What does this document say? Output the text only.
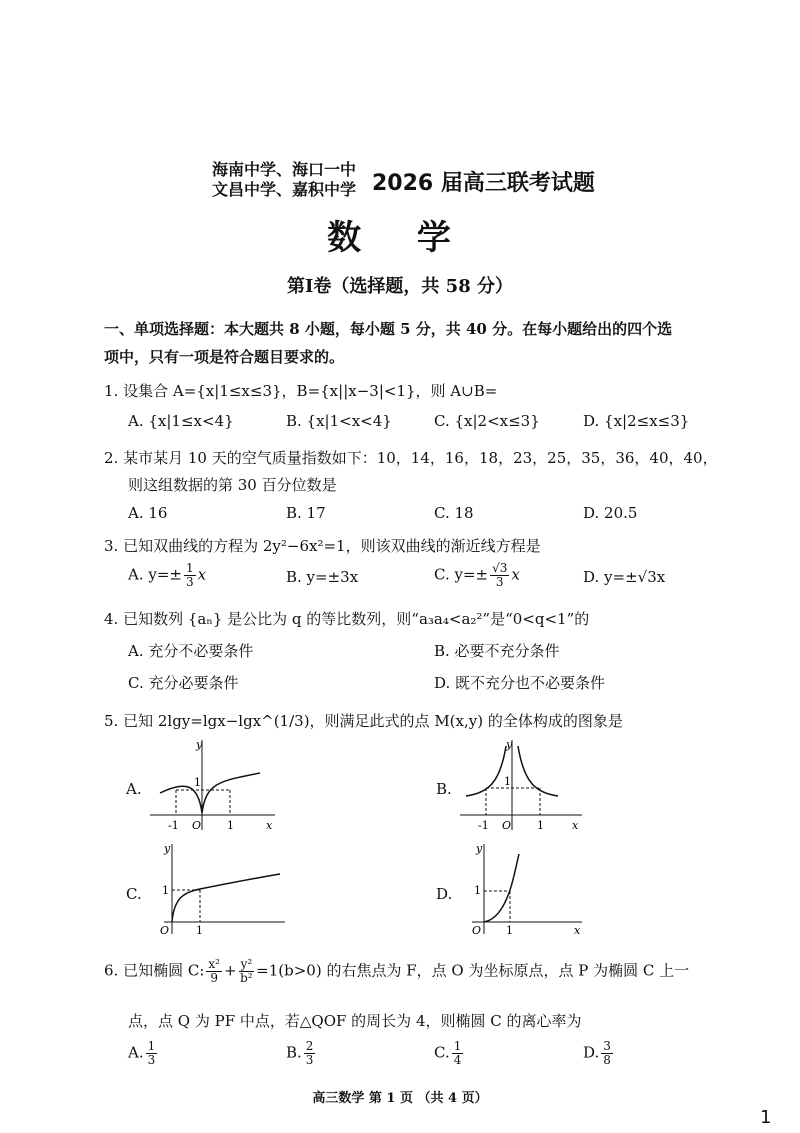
海南中学、海口一中
文昌中学、嘉积中学 2026 届高三联考试题
数 学
第Ⅰ卷（选择题，共 58 分）
一、单项选择题：本大题共 8 小题，每小题 5 分，共 40 分。在每小题给出的四个选项中，只有一项是符合题目要求的。
1. 设集合 A={x|1≤x≤3}，B={x||x−3|<1}，则 A∪B=
A. {x|1≤x<4}	B. {x|1<x<4}	C. {x|2<x≤3}	D. {x|2≤x≤3}
2. 某市某月 10 天的空气质量指数如下：10，14，16，18，23，25，35，36，40，40，
则这组数据的第 30 百分位数是
A. 16	B. 17	C. 18	D. 20.5
3. 已知双曲线的方程为 2y²−6x²=1，则该双曲线的渐近线方程是
A. $y=\pm \frac{1}{3}$ x	B. y=±3x	C. $y=\pm \frac{√3}{3}$ x	D. y=±√3x
4. 已知数列 {aₙ} 是公比为 q 的等比数列，则“a₃a₄<a₂²”是“0<q<1”的
A. 充分不必要条件	B. 必要不充分条件
C. 充分必要条件	D. 既不充分也不必要条件
5. 已知 2lgy=lgx−lgx^(1/3)，则满足此式的点 M(x,y) 的全体构成的图象是
A.
y
1
-1 O 1	x
B.
y
1
-1 O 1	x
C.
y
1
O 1
D.
y
1
O 1	x
6. 已知椭圆 C: $\frac{\text{x²}}{9} + \frac{\text{y²}}{\text{b²}} =1(b>0)$ 的右焦点为 F，点 O 为坐标原点，点 P 为椭圆 C 上一
点，点 Q 为 PF 中点，若△QOF 的周长为 4，则椭圆 C 的离心率为
A. $\frac{1}{3}$	B. $\frac{2}{3}$	C. $\frac{1}{4}$	D. $\frac{3}{8}$
高三数学 第 1 页 （共 4 页）
1
